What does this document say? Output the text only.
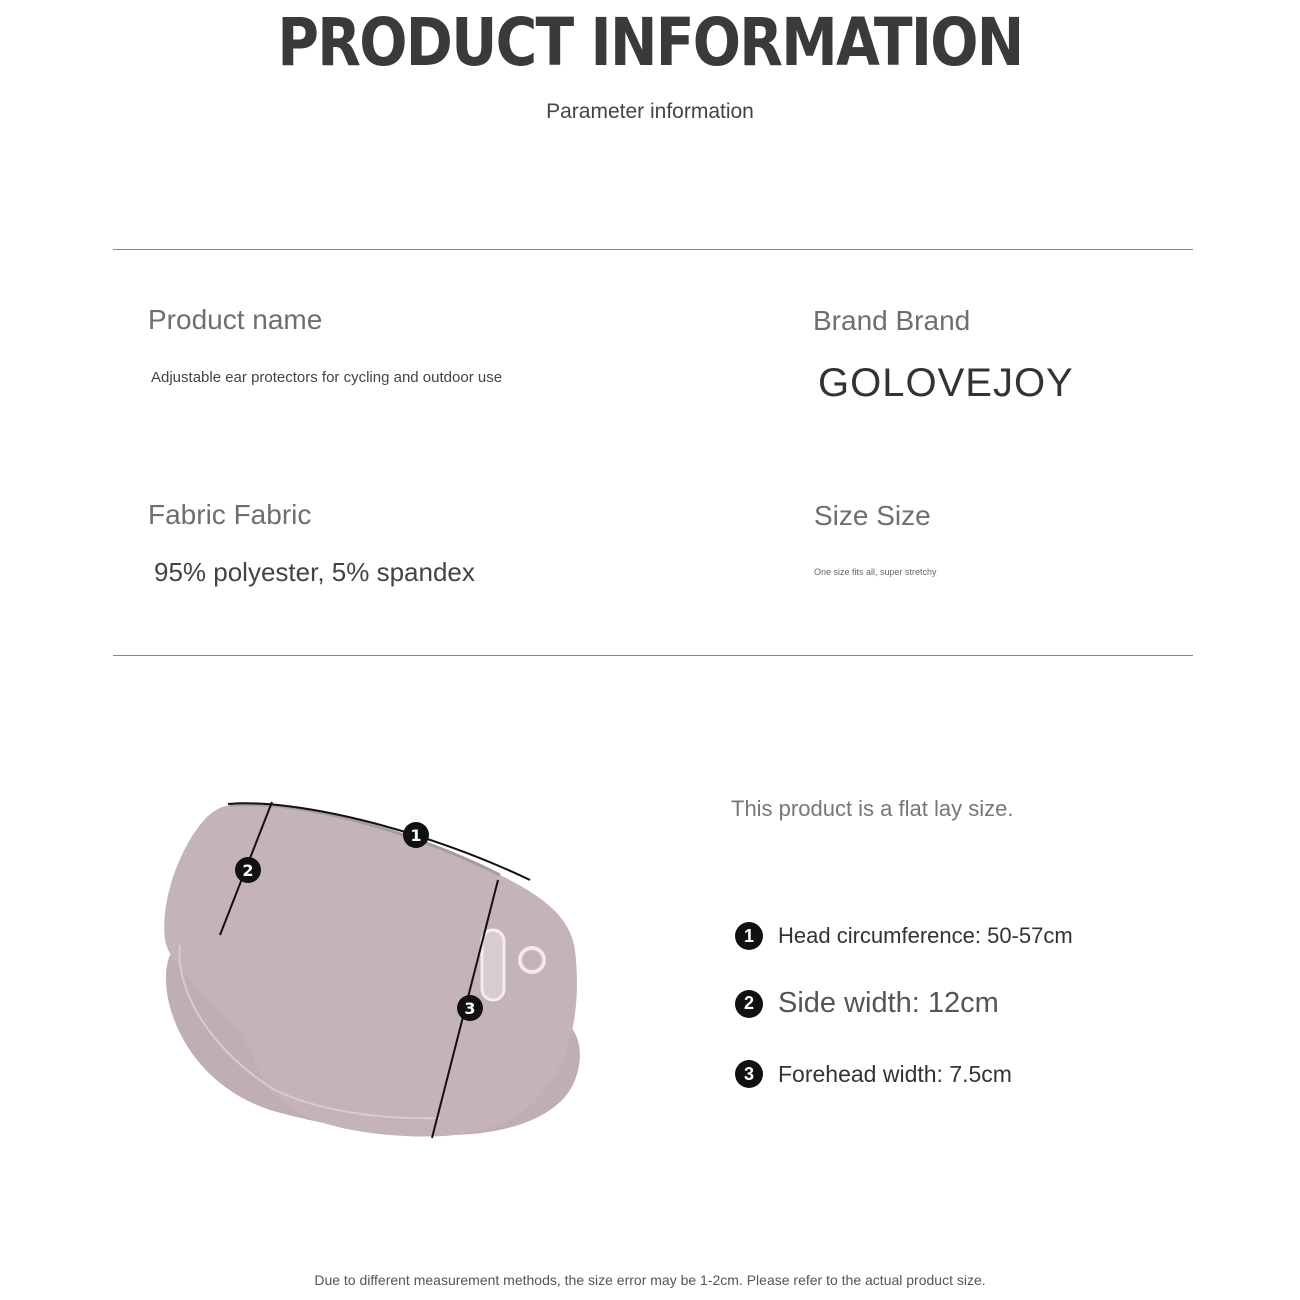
PRODUCT INFORMATION
Parameter information
Product name
Adjustable ear protectors for cycling and outdoor use
Brand Brand
GOLOVEJOY
Fabric Fabric
95% polyester, 5% spandex
Size Size
One size fits all, super stretchy
1
2
3
This product is a flat lay size.
1	Head circumference: 50-57cm
2 Side width: 12cm
3	Forehead width: 7.5cm
Due to different measurement methods, the size error may be 1-2cm. Please refer to the actual product size.
